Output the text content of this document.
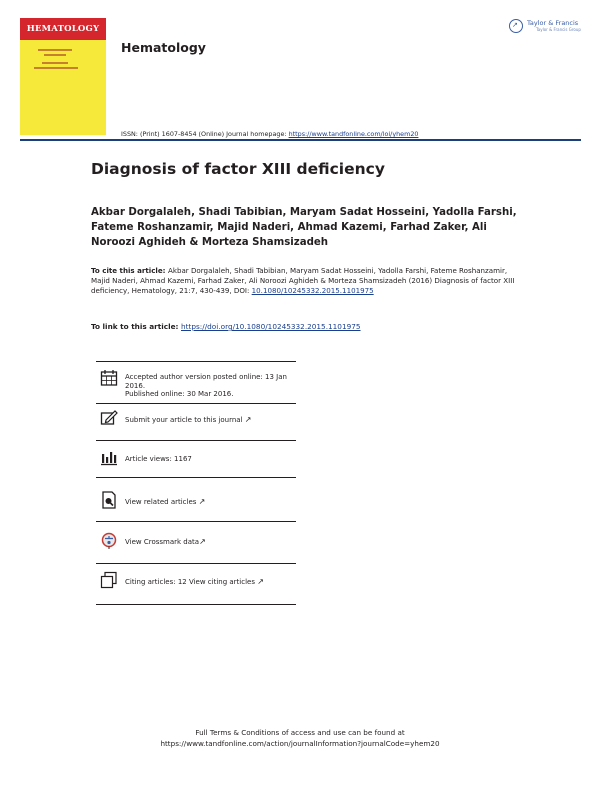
HEMATOLOGY
Hematology
↗ Taylor & Francis
Taylor & Francis Group
ISSN: (Print) 1607-8454 (Online) Journal homepage: https://www.tandfonline.com/loi/yhem20
Diagnosis of factor XIII deficiency
Akbar Dorgalaleh, Shadi Tabibian, Maryam Sadat Hosseini, Yadolla Farshi, Fateme Roshanzamir, Majid Naderi, Ahmad Kazemi, Farhad Zaker, Ali Noroozi Aghideh & Morteza Shamsizadeh
To cite this article: Akbar Dorgalaleh, Shadi Tabibian, Maryam Sadat Hosseini, Yadolla Farshi, Fateme Roshanzamir, Majid Naderi, Ahmad Kazemi, Farhad Zaker, Ali Noroozi Aghideh & Morteza Shamsizadeh (2016) Diagnosis of factor XIII deficiency, Hematology, 21:7, 430-439, DOI: 10.1080/10245332.2015.1101975
To link to this article: https://doi.org/10.1080/10245332.2015.1101975
Accepted author version posted online: 13 Jan 2016.
Published online: 30 Mar 2016.
Submit your article to this journal ↗
Article views: 1167
View related articles ↗
View Crossmark data↗
Citing articles: 12 View citing articles ↗
Full Terms & Conditions of access and use can be found at
https://www.tandfonline.com/action/journalInformation?journalCode=yhem20
